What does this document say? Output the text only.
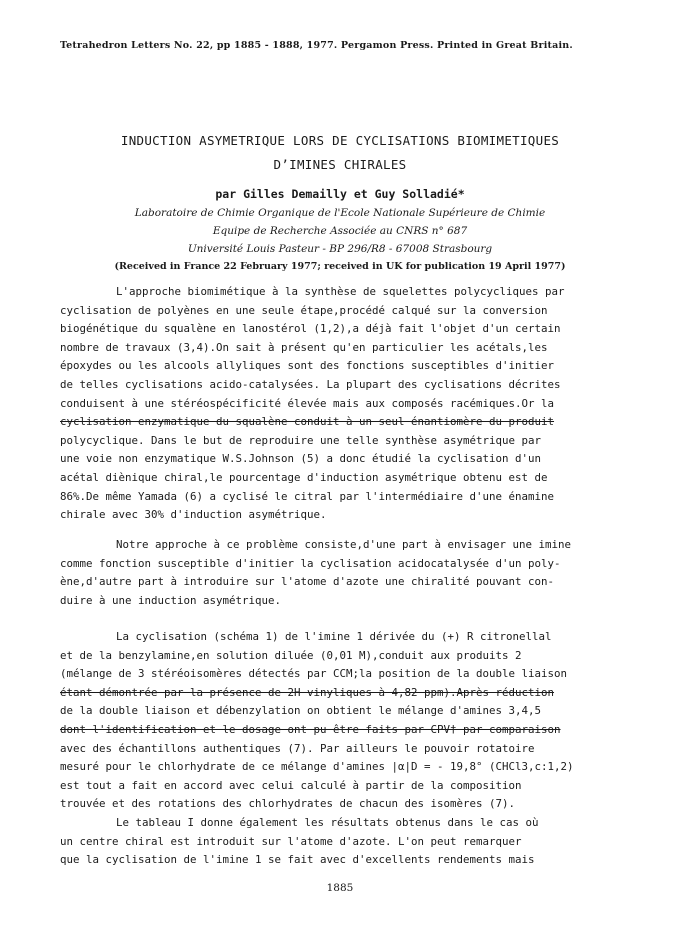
Tetrahedron Letters No. 22, pp 1885 - 1888, 1977. Pergamon Press. Printed in Great Britain.
INDUCTION ASYMETRIQUE LORS DE CYCLISATIONS BIOMIMETIQUES
D’IMINES CHIRALES
par Gilles Demailly et Guy Solladié*
Laboratoire de Chimie Organique de l'Ecole Nationale Supérieure de Chimie
Equipe de Recherche Associée au CNRS n° 687
Université Louis Pasteur - BP 296/R8 - 67008 Strasbourg
(Received in France 22 February 1977; received in UK for publication 19 April 1977)
L'approche biomimétique à la synthèse de squelettes polycycliques par
cyclisation de polyènes en une seule étape,procédé calqué sur la conversion
biogénétique du squalène en lanostérol (1,2),a déjà fait l'objet d'un certain
nombre de travaux (3,4).On sait à présent qu'en particulier les acétals,les
époxydes ou les alcools allyliques sont des fonctions susceptibles d'initier
de telles cyclisations acido-catalysées. La plupart des cyclisations décrites
conduisent à une stéréospécificité élevée mais aux composés racémiques.Or la
cyclisation enzymatique du squalène conduit à un seul énantiomère du produit
polycyclique. Dans le but de reproduire une telle synthèse asymétrique par
une voie non enzymatique W.S.Johnson (5) a donc étudié la cyclisation d'un
acétal diènique chiral,le pourcentage d'induction asymétrique obtenu est de
86%.De même Yamada (6) a cyclisé le citral par l'intermédiaire d'une énamine
chirale avec 30% d'induction asymétrique.
Notre approche à ce problème consiste,d'une part à envisager une imine
comme fonction susceptible d'initier la cyclisation acidocatalysée d'un poly-
ène,d'autre part à introduire sur l'atome d'azote une chiralité pouvant con-
duire à une induction asymétrique.
La cyclisation (schéma 1) de l'imine 1 dérivée du (+) R citronellal
et de la benzylamine,en solution diluée (0,01 M),conduit aux produits 2
(mélange de 3 stéréoisomères détectés par CCM;la position de la double liaison
étant démontrée par la présence de 2H vinyliques à 4,82 ppm).Après réduction
de la double liaison et débenzylation on obtient le mélange d'amines 3,4,5
dont l'identification et le dosage ont pu être faits par CPV† par comparaison
avec des échantillons authentiques (7). Par ailleurs le pouvoir rotatoire
mesuré pour le chlorhydrate de ce mélange d'amines |α|D = - 19,8° (CHCl3,c:1,2)
est tout a fait en accord avec celui calculé à partir de la composition
trouvée et des rotations des chlorhydrates de chacun des isomères (7).
Le tableau I donne également les résultats obtenus dans le cas où
un centre chiral est introduit sur l'atome d'azote. L'on peut remarquer
que la cyclisation de l'imine 1 se fait avec d'excellents rendements mais
1885
